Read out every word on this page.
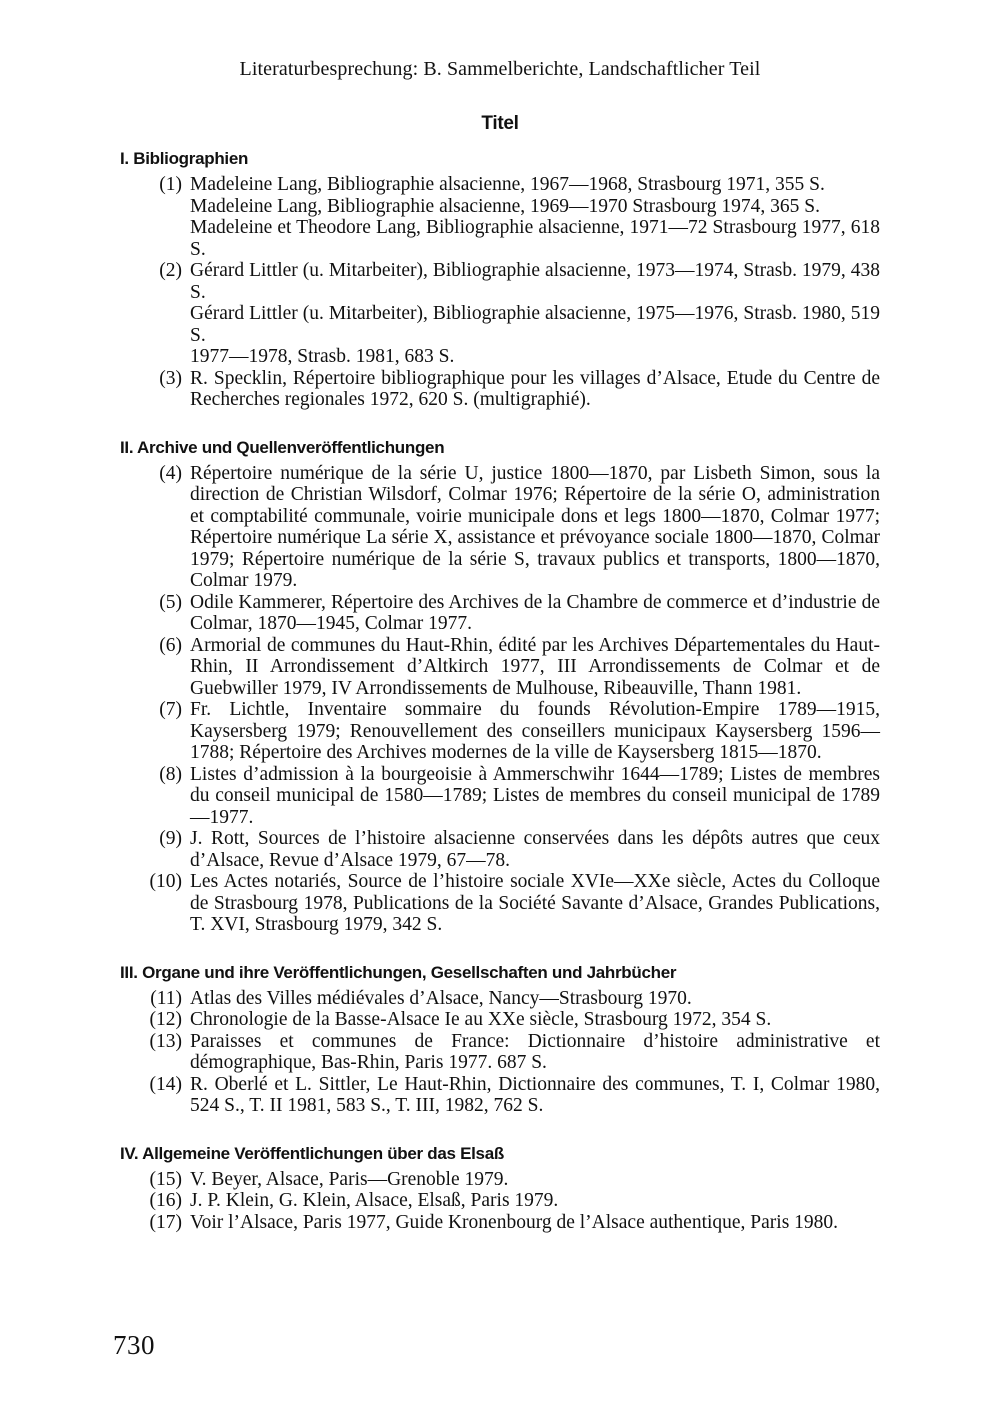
Literaturbesprechung: B. Sammelberichte, Landschaftlicher Teil
Titel
I. Bibliographien
(1) Madeleine Lang, Bibliographie alsacienne, 1967—1968, Strasbourg 1971, 355 S.
Madeleine Lang, Bibliographie alsacienne, 1969—1970 Strasbourg 1974, 365 S.
Madeleine et Theodore Lang, Bibliographie alsacienne, 1971—72 Strasbourg 1977, 618 S.
(2) Gérard Littler (u. Mitarbeiter), Bibliographie alsacienne, 1973—1974, Strasb. 1979, 438 S.
Gérard Littler (u. Mitarbeiter), Bibliographie alsacienne, 1975—1976, Strasb. 1980, 519 S.
1977—1978, Strasb. 1981, 683 S.
(3) R. Specklin, Répertoire bibliographique pour les villages d’Alsace, Etude du Centre de Recherches regionales 1972, 620 S. (multigraphié).
II. Archive und Quellenveröffentlichungen
(4) Répertoire numérique de la série U, justice 1800—1870, par Lisbeth Simon, sous la direction de Christian Wilsdorf, Colmar 1976; Répertoire de la série O, administration et comptabilité communale, voirie municipale dons et legs 1800—1870, Colmar 1977; Répertoire numérique La série X, assistance et prévoyance sociale 1800—1870, Colmar 1979; Répertoire numérique de la série S, travaux publics et transports, 1800—1870, Colmar 1979.
(5) Odile Kammerer, Répertoire des Archives de la Chambre de commerce et d’industrie de Colmar, 1870—1945, Colmar 1977.
(6) Armorial de communes du Haut-Rhin, édité par les Archives Départementales du Haut-Rhin, II Arrondissement d’Altkirch 1977, III Arrondissements de Colmar et de Guebwiller 1979, IV Arrondissements de Mulhouse, Ribeauville, Thann 1981.
(7) Fr. Lichtle, Inventaire sommaire du founds Révolution-Empire 1789—1915, Kaysersberg 1979; Renouvellement des conseillers municipaux Kaysersberg 1596—1788; Répertoire des Archives modernes de la ville de Kaysersberg 1815—1870.
(8) Listes d’admission à la bourgeoisie à Ammerschwihr 1644—1789; Listes de membres du conseil municipal de 1580—1789; Listes de membres du conseil municipal de 1789—1977.
(9) J. Rott, Sources de l’histoire alsacienne conservées dans les dépôts autres que ceux d’Alsace, Revue d’Alsace 1979, 67—78.
(10) Les Actes notariés, Source de l’histoire sociale XVIe—XXe siècle, Actes du Colloque de Strasbourg 1978, Publications de la Société Savante d’Alsace, Grandes Publications, T. XVI, Strasbourg 1979, 342 S.
III. Organe und ihre Veröffentlichungen, Gesellschaften und Jahrbücher
(11) Atlas des Villes médiévales d’Alsace, Nancy—Strasbourg 1970.
(12) Chronologie de la Basse-Alsace Ie au XXe siècle, Strasbourg 1972, 354 S.
(13) Paraisses et communes de France: Dictionnaire d’histoire administrative et démographique, Bas-Rhin, Paris 1977. 687 S.
(14) R. Oberlé et L. Sittler, Le Haut-Rhin, Dictionnaire des communes, T. I, Colmar 1980, 524 S., T. II 1981, 583 S., T. III, 1982, 762 S.
IV. Allgemeine Veröffentlichungen über das Elsaß
(15) V. Beyer, Alsace, Paris—Grenoble 1979.
(16) J. P. Klein, G. Klein, Alsace, Elsaß, Paris 1979.
(17) Voir l’Alsace, Paris 1977, Guide Kronenbourg de l’Alsace authentique, Paris 1980.
730
